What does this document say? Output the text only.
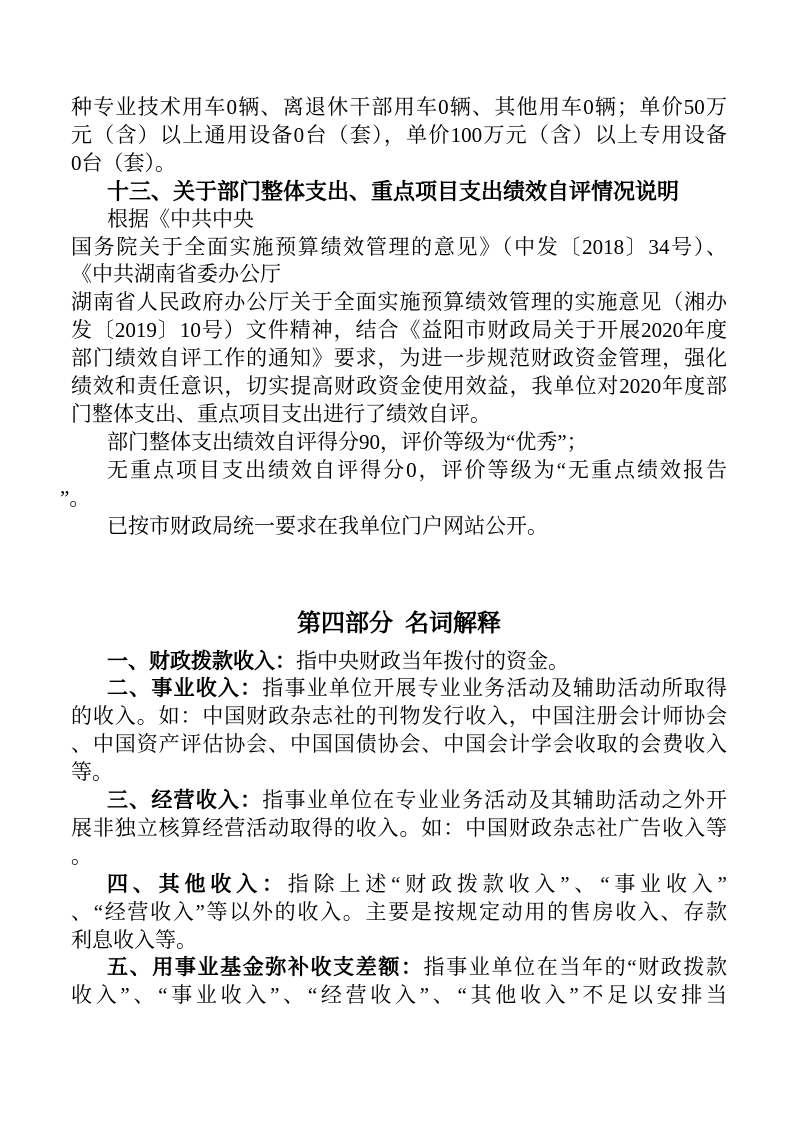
种专业技术用车0辆、离退休干部用车0辆、其他用车0辆；单价50万
元（含）以上通用设备0台（套），单价100万元（含）以上专用设备
0台（套）。
十三、关于部门整体支出、重点项目支出绩效自评情况说明
根据《中共中央
国务院关于全面实施预算绩效管理的意见》（中发〔2018〕34号）、
《中共湖南省委办公厅
湖南省人民政府办公厅关于全面实施预算绩效管理的实施意见（湘办
发〔2019〕10号）文件精神，结合《益阳市财政局关于开展2020年度
部门绩效自评工作的通知》要求，为进一步规范财政资金管理，强化
绩效和责任意识，切实提高财政资金使用效益，我单位对2020年度部
门整体支出、重点项目支出进行了绩效自评。
部门整体支出绩效自评得分90，评价等级为“优秀”；
无重点项目支出绩效自评得分0，评价等级为“无重点绩效报告
”。
已按市财政局统一要求在我单位门户网站公开。
第四部分 名词解释
一、财政拨款收入：指中央财政当年拨付的资金。
二、事业收入：指事业单位开展专业业务活动及辅助活动所取得
的收入。如：中国财政杂志社的刊物发行收入，中国注册会计师协会
、中国资产评估协会、中国国债协会、中国会计学会收取的会费收入
等。
三、经营收入：指事业单位在专业业务活动及其辅助活动之外开
展非独立核算经营活动取得的收入。如：中国财政杂志社广告收入等
。
四、其他收入：指除上述“财政拨款收入”、“事业收入”
、“经营收入”等以外的收入。主要是按规定动用的售房收入、存款
利息收入等。
五、用事业基金弥补收支差额：指事业单位在当年的“财政拨款
收入”、“事业收入”、“经营收入”、“其他收入”不足以安排当
